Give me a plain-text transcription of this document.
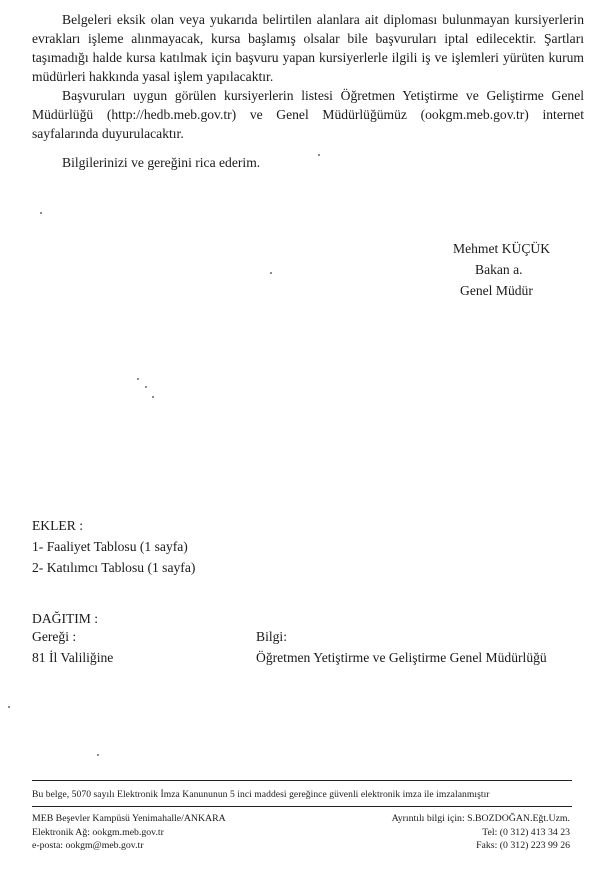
Belgeleri eksik olan veya yukarıda belirtilen alanlara ait diploması bulunmayan kursiyerlerin evrakları işleme alınmayacak, kursa başlamış olsalar bile başvuruları iptal edilecektir. Şartları taşımadığı halde kursa katılmak için başvuru yapan kursiyerlerle ilgili iş ve işlemleri yürüten kurum müdürleri hakkında yasal işlem yapılacaktır.

Başvuruları uygun görülen kursiyerlerin listesi Öğretmen Yetiştirme ve Geliştirme Genel Müdürlüğü (http://hedb.meb.gov.tr) ve Genel Müdürlüğümüz (ookgm.meb.gov.tr) internet sayfalarında duyurulacaktır.

Bilgilerinizi ve gereğini rica ederim.

Mehmet KÜÇÜK
Bakan a.
Genel Müdür
EKLER :
1- Faaliyet Tablosu (1 sayfa)
2- Katılımcı Tablosu (1 sayfa)
DAĞITIM :
Gereği :	Bilgi:
81 İl Valiliğine	Öğretmen Yetiştirme ve Geliştirme Genel Müdürlüğü
Bu belge, 5070 sayılı Elektronik İmza Kanununun 5 inci maddesi gereğince güvenli elektronik imza ile imzalanmıştır
MEB Beşevler Kampüsü Yenimahalle/ANKARA
Elektronik Ağ: ookgm.meb.gov.tr
e-posta: ookgm@meb.gov.tr
Ayrıntılı bilgi için: S.BOZDOĞAN.Eğt.Uzm.
Tel: (0 312) 413 34 23
Faks: (0 312) 223 99 26
